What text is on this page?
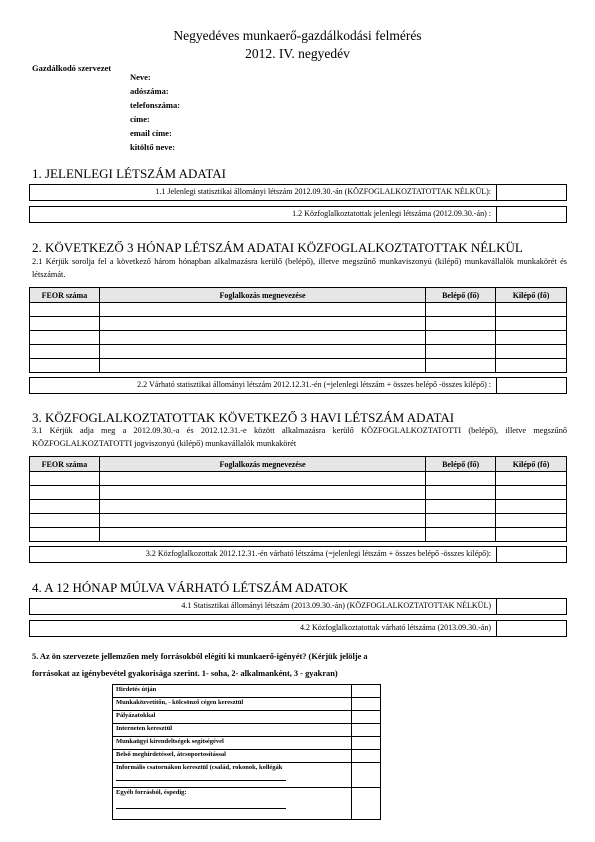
Negyedéves munkaerő-gazdálkodási felmérés
2012. IV. negyedév
Gazdálkodó szervezet
Neve:
adószáma:
telefonszáma:
címe:
email címe:
kitöltő neve:
1. JELENLEGI LÉTSZÁM ADATAI
1.1 Jelenlegi statisztikai állományi létszám 2012.09.30.-án (KÖZFOGLALKOZTATOTTAK NÉLKÜL):
1.2 Közfoglalkoztatottak jelenlegi létszáma (2012.09.30.-án) :
2. KÖVETKEZŐ 3 HÓNAP LÉTSZÁM ADATAI KÖZFOGLALKOZTATOTTAK NÉLKÜL
2.1 Kérjük sorolja fel a következő három hónapban alkalmazásra kerülő (belépő), illetve megszűnő munkaviszonyú (kilépő) munkavállalók munkakörét és létszámát.
FEOR száma	Foglalkozás megnevezése	Belépő (fő)	Kilépő (fő)

2.2 Várható statisztikai állományi létszám 2012.12.31.-én (=jelenlegi létszám + összes belépő -összes kilépő) :
3. KÖZFOGLALKOZTATOTTAK KÖVETKEZŐ 3 HAVI LÉTSZÁM ADATAI
3.1 Kérjük adja meg a 2012.09.30.-a és 2012.12.31.-e között alkalmazásra kerülő KÖZFOGLALKOZTATOTTI (belépő), illetve megszűnő KÖZFOGLALKOZTATOTTI jogviszonyú (kilépő) munkavállalók munkakörét
FEOR száma	Foglalkozás megnevezése	Belépő (fő)	Kilépő (fő)

3.2 Közfoglalkozottak 2012.12.31.-én várható létszáma (=jelenlegi létszám + összes belépő -összes kilépő):
4. A 12 HÓNAP MÚLVA VÁRHATÓ LÉTSZÁM ADATOK
4.1 Statisztikai állományi létszám (2013.09.30.-án) (KÖZFOGLALKOZTATOTTAK NÉLKÜL)
4.2 Közfoglalkoztatottak várható létszáma (2013.09.30.-án)
5. Az ön szervezete jellemzően mely forrásokból elégíti ki munkaerő-igényét? (Kérjük jelölje a
forrásokat az igénybevétel gyakorisága szerint. 1- soha, 2- alkalmanként, 3 - gyakran)
Hirdetés útján	
Munkaközvetítőn, - kölcsönző cégen keresztül	
Pályázatokkal	
Interneten keresztül	
Munkaügyi kirendeltségek segítségével	
Belső meghirdetéssel, átcsoportosítással	
Informális csatornákon keresztül (család, rokonok, kollégák

Egyéb forrásból, éspedig:
